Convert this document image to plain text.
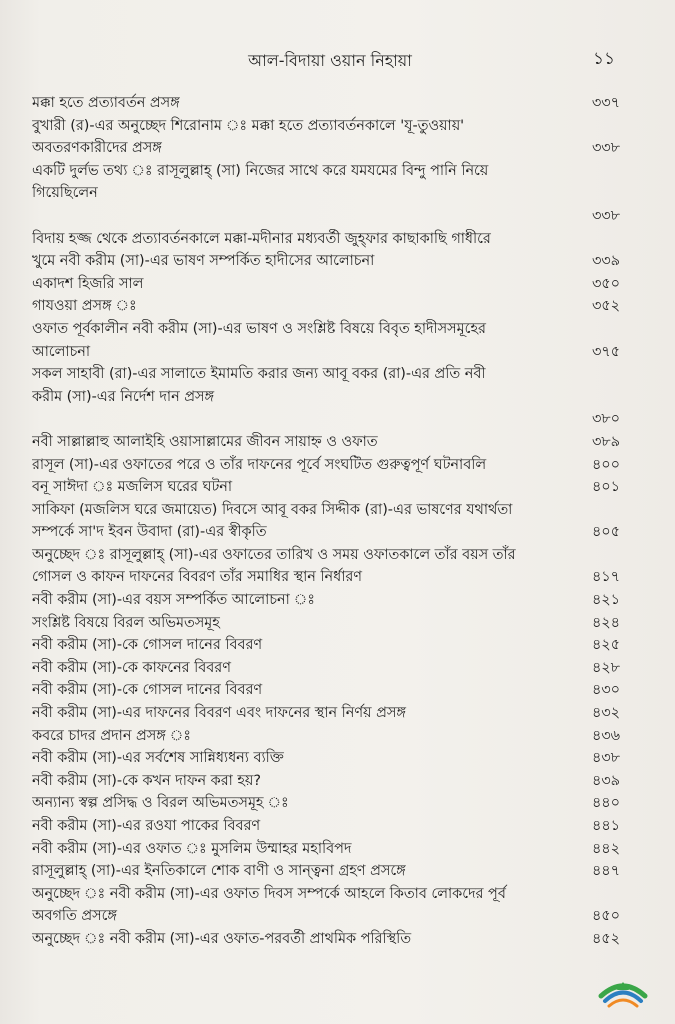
আল-বিদায়া ওয়ান নিহায়া	১১
মক্কা হতে প্রত্যাবর্তন প্রসঙ্গ	৩৩৭
বুখারী (র)-এর অনুচ্ছেদ শিরোনাম ঃ মক্কা হতে প্রত্যাবর্তনকালে 'যূ-তুওয়ায়'
অবতরণকারীদের প্রসঙ্গ	৩৩৮
একটি দুর্লভ তথ্য ঃ রাসূলুল্লাহ্ (সা) নিজের সাথে করে যমযমের বিন্দু পানি নিয়ে
গিয়েছিলেন
৩৩৮
বিদায় হজ্জ থেকে প্রত্যাবর্তনকালে মক্কা-মদীনার মধ্যবর্তী জুহ্ফার কাছাকাছি গাধীরে
খুমে নবী করীম (সা)-এর ভাষণ সম্পর্কিত হাদীসের আলোচনা	৩৩৯
একাদশ হিজরি সাল	৩৫০
গাযওয়া প্রসঙ্গ ঃ	৩৫২
ওফাত পূর্বকালীন নবী করীম (সা)-এর ভাষণ ও সংশ্লিষ্ট বিষয়ে বিবৃত হাদীসসমূহের
আলোচনা	৩৭৫
সকল সাহাবী (রা)-এর সালাতে ইমামতি করার জন্য আবূ বকর (রা)-এর প্রতি নবী
করীম (সা)-এর নির্দেশ দান প্রসঙ্গ
৩৮০
নবী সাল্লাল্লাহু আলাইহি ওয়াসাল্লামের জীবন সায়াহ্ন ও ওফাত	৩৮৯
রাসূল (সা)-এর ওফাতের পরে ও তাঁর দাফনের পূর্বে সংঘটিত গুরুত্বপূর্ণ ঘটনাবলি	৪০০
বনূ সাঈদা ঃ মজলিস ঘরের ঘটনা	৪০১
সাকিফা (মজলিস ঘরে জমায়েত) দিবসে আবূ বকর সিদ্দীক (রা)-এর ভাষণের যথার্থতা
সম্পর্কে সা'দ ইবন উবাদা (রা)-এর স্বীকৃতি	৪০৫
অনুচ্ছেদ ঃ রাসূলুল্লাহ্ (সা)-এর ওফাতের তারিখ ও সময় ওফাতকালে তাঁর বয়স তাঁর
গোসল ও কাফন দাফনের বিবরণ তাঁর সমাধির স্থান নির্ধারণ	৪১৭
নবী করীম (সা)-এর বয়স সম্পর্কিত আলোচনা ঃ	৪২১
সংশ্লিষ্ট বিষয়ে বিরল অভিমতসমূহ	৪২৪
নবী করীম (সা)-কে গোসল দানের বিবরণ	৪২৫
নবী করীম (সা)-কে কাফনের বিবরণ	৪২৮
নবী করীম (সা)-কে গোসল দানের বিবরণ	৪৩০
নবী করীম (সা)-এর দাফনের বিবরণ এবং দাফনের স্থান নির্ণয় প্রসঙ্গ	৪৩২
কবরে চাদর প্রদান প্রসঙ্গ ঃ	৪৩৬
নবী করীম (সা)-এর সর্বশেষ সান্নিধ্যধন্য ব্যক্তি	৪৩৮
নবী করীম (সা)-কে কখন দাফন করা হয়?	৪৩৯
অন্যান্য স্বল্প প্রসিদ্ধ ও বিরল অভিমতসমূহ ঃ	৪৪০
নবী করীম (সা)-এর রওযা পাকের বিবরণ	৪৪১
নবী করীম (সা)-এর ওফাত ঃ মুসলিম উম্মাহর মহাবিপদ	৪৪২
রাসূলুল্লাহ্ (সা)-এর ইনতিকালে শোক বাণী ও সান্ত্বনা গ্রহণ প্রসঙ্গে	৪৪৭
অনুচ্ছেদ ঃ নবী করীম (সা)-এর ওফাত দিবস সম্পর্কে আহলে কিতাব লোকদের পূর্ব
অবগতি প্রসঙ্গে	৪৫০
অনুচ্ছেদ ঃ নবী করীম (সা)-এর ওফাত-পরবর্তী প্রাথমিক পরিস্থিতি	৪৫২
